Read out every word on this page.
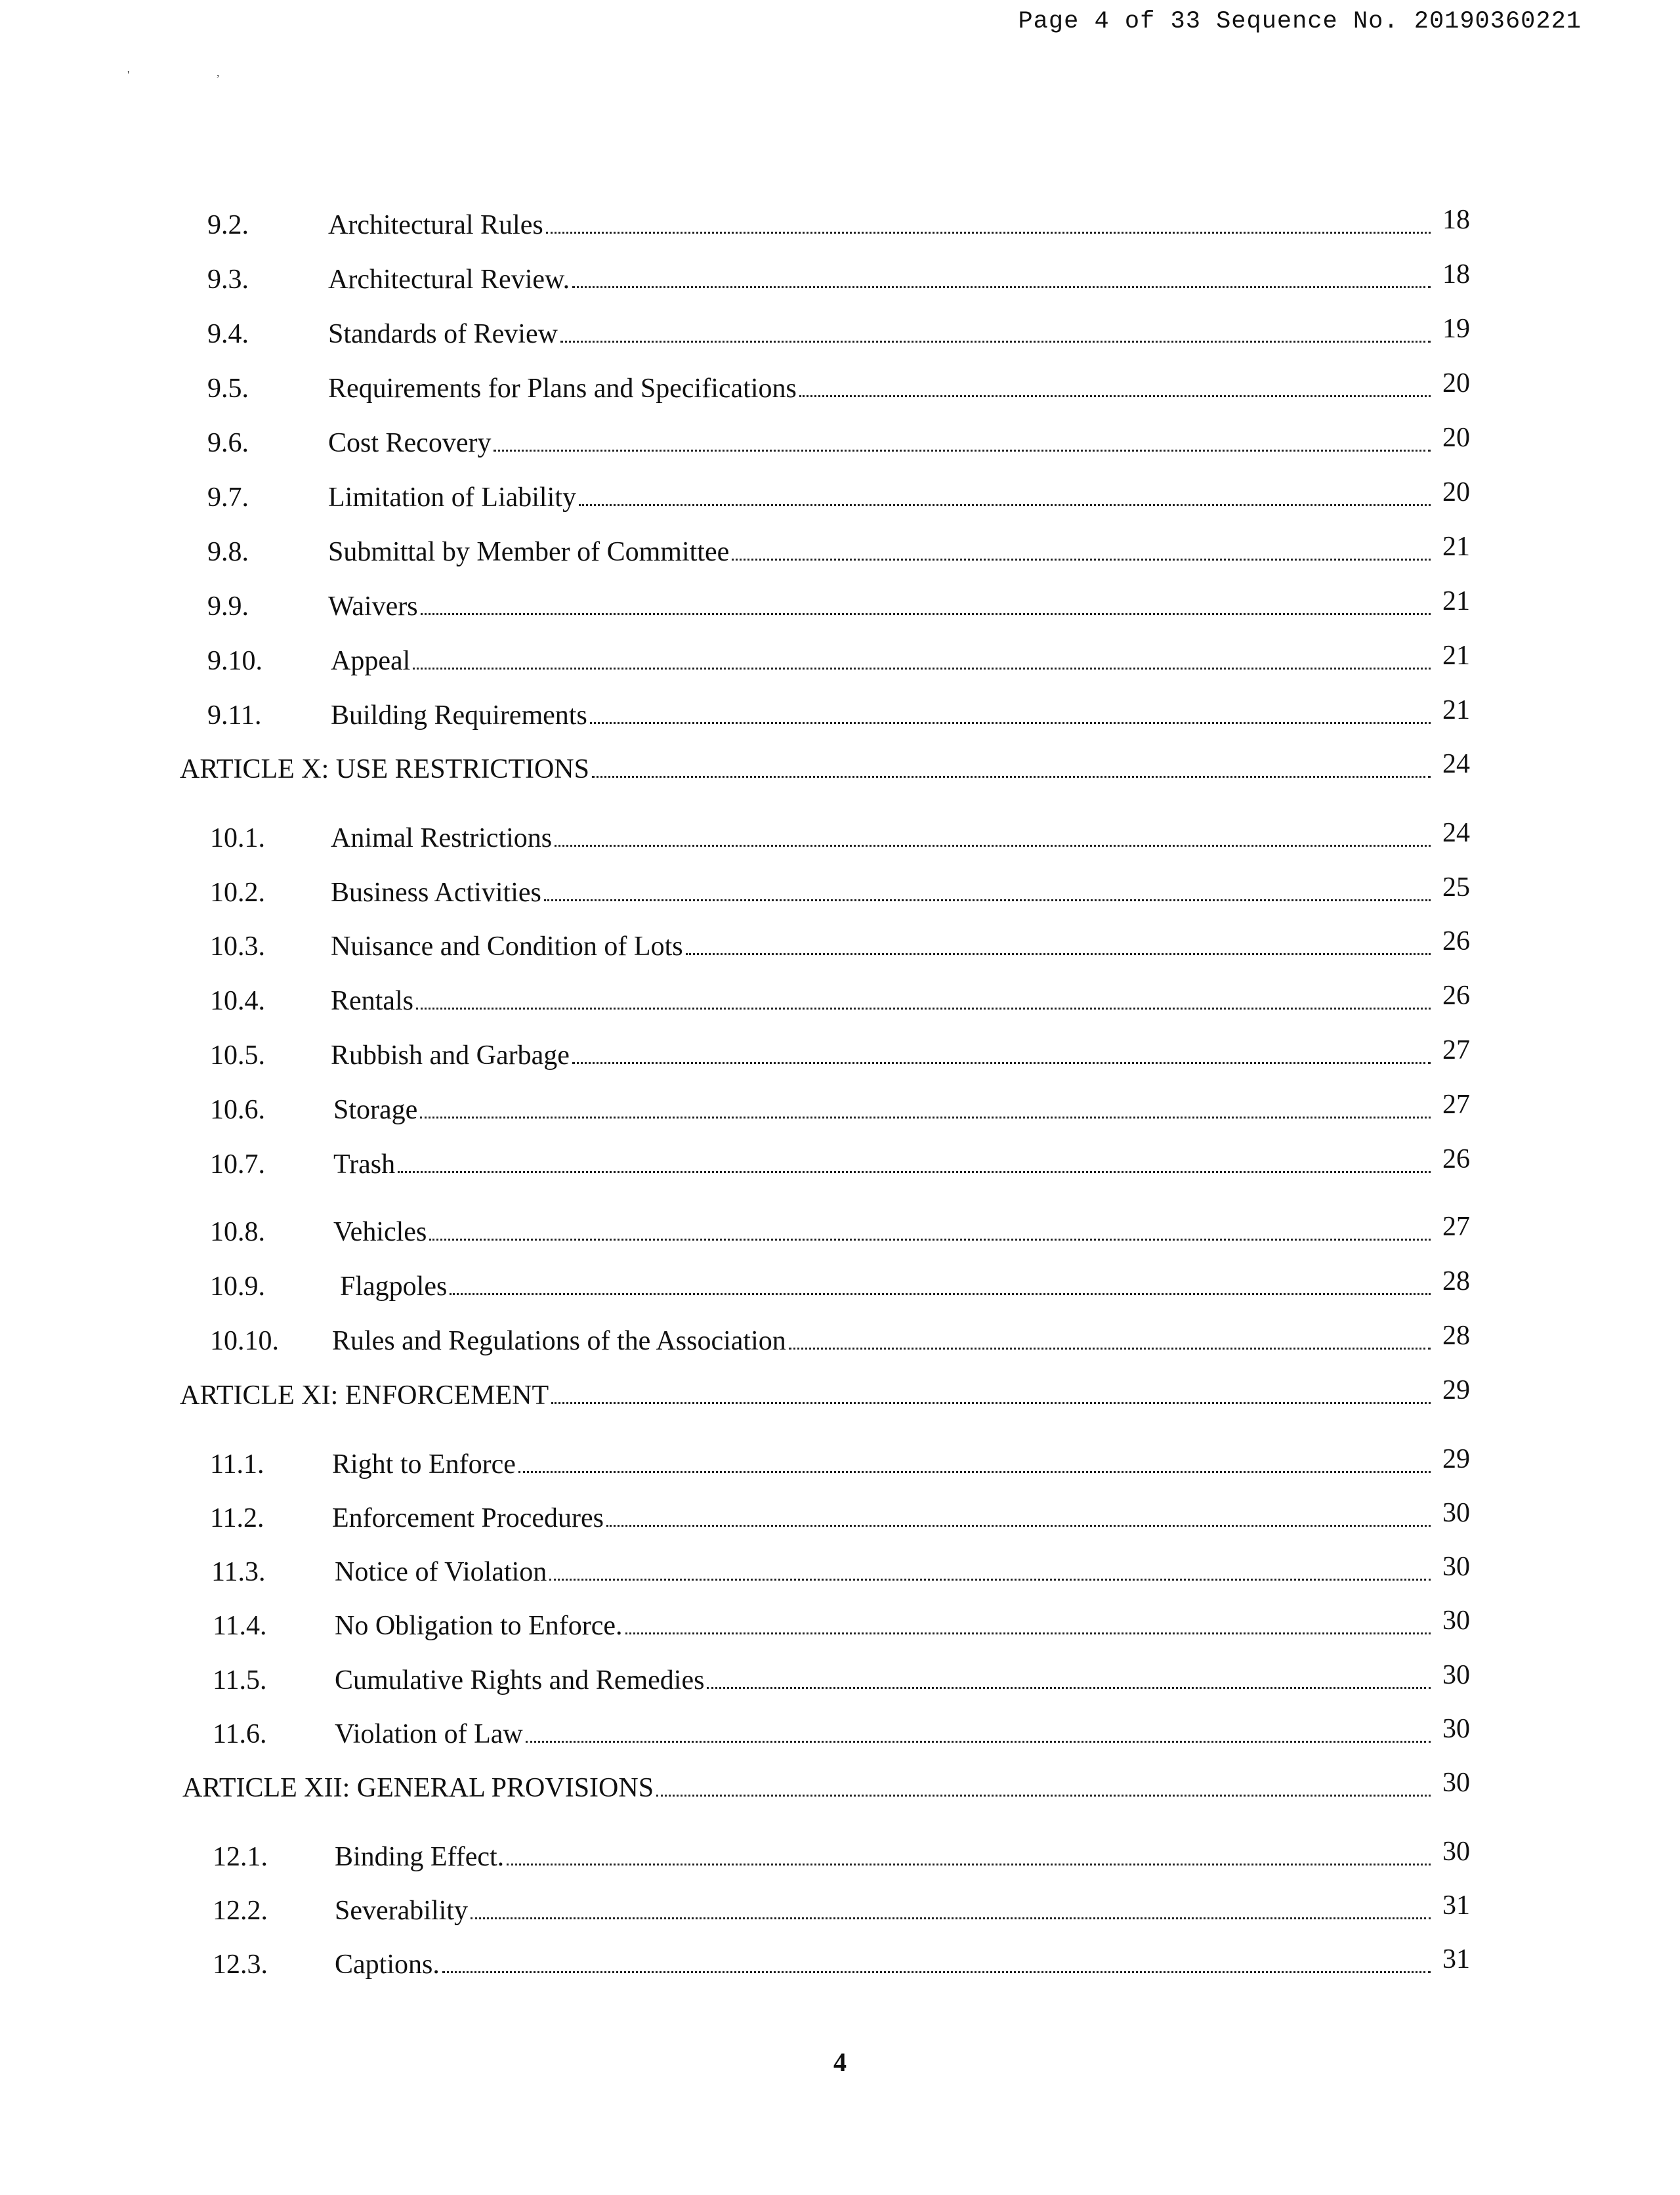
Page 4 of 33 Sequence No. 20190360221
'	,
9.2.	Architectural Rules	18
9.3.	Architectural Review.	18
9.4.	Standards of Review	19
9.5.	Requirements for Plans and Specifications	20
9.6.	Cost Recovery	20
9.7.	Limitation of Liability	20
9.8.	Submittal by Member of Committee	21
9.9.	Waivers	21
9.10. Appeal	21
9.11.	Building Requirements	21
ARTICLE X: USE RESTRICTIONS	24
10.1. Animal Restrictions	24
10.2. Business Activities	25
10.3. Nuisance and Condition of Lots	26
10.4. Rentals	26
10.5. Rubbish and Garbage	27
10.6. Storage	27
10.7. Trash	26
10.8. Vehicles	27
10.9.	Flagpoles	28
10.10. Rules and Regulations of the Association	28
ARTICLE XI: ENFORCEMENT	29
11.1. Right to Enforce	29
11.2. Enforcement Procedures	30
11.3.	Notice of Violation	30
11.4. No Obligation to Enforce.	30
11.5. Cumulative Rights and Remedies	30
11.6. Violation of Law	30
ARTICLE XII: GENERAL PROVISIONS	30
12.1. Binding Effect.	30
12.2. Severability	31
12.3. Captions.	31
4
